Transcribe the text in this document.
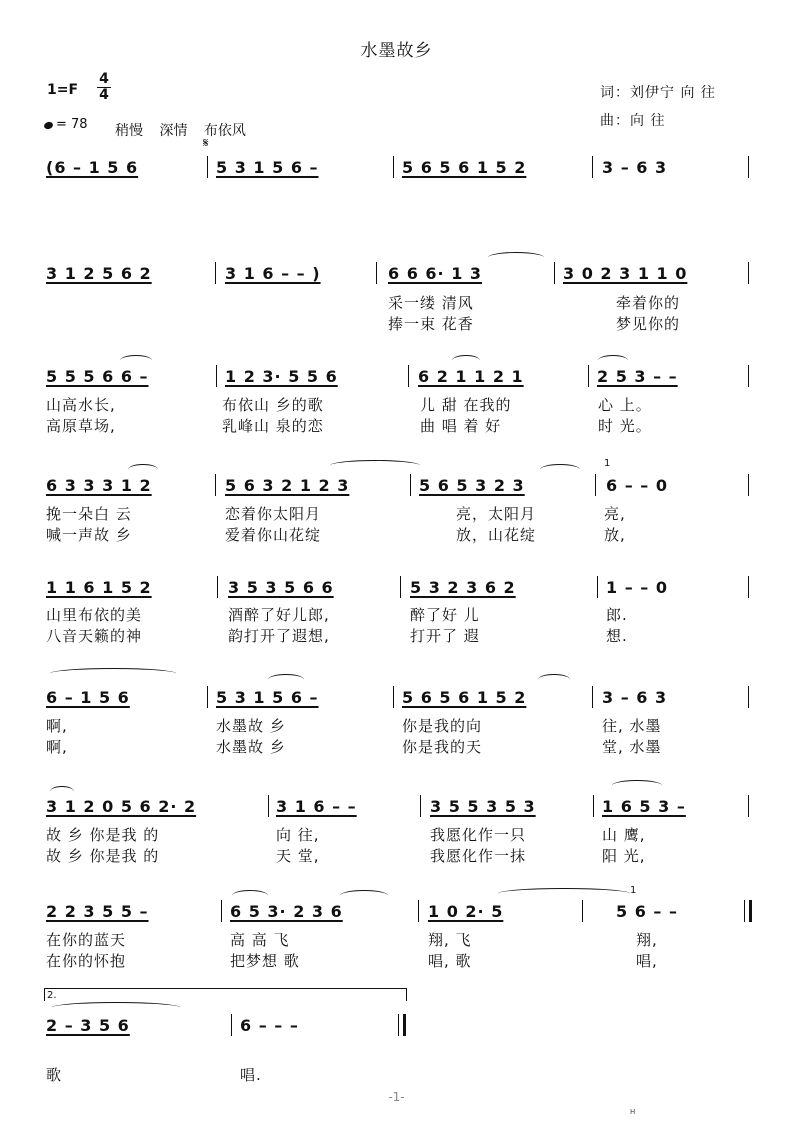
水墨故乡
1=F
4
4
= 78 稍慢 深情 布依风
𝄋
词：刘伊宁 向 往
曲：向 往
(6 – 1 5 6	5 3 1 5 6 –	5 6 5 6 1 5 2	3 – 6 3
3 1 2 5 6 2	3 1 6 – – )	6 6 6· 1 3	3 0 2 3 1 1 0
采一缕 清风	牵着你的
捧一束 花香	梦见你的
5 5 5 6 6 –	1 2 3· 5 5 6	6 2 1 1 2 1	2 5 3 – –
山高水长,	布依山 乡的歌	儿 甜 在我的	心 上。
高原草场,	乳峰山 泉的恋	曲 唱 着 好	时 光。
6 3 3 3 1 2	5 6 3 2 1 2 3	5 6 5 3 2 3
1
6 – – 0
挽一朵白 云	恋着你太阳月	亮，太阳月	亮,
喊一声故 乡	爱着你山花绽	放，山花绽	放,
1 1 6 1 5 2	3 5 3 5 6 6	5 3 2 3 6 2	1 – – 0
山里布依的美	酒醉了好儿郎,	醉了好 儿	郎.
八音天籁的神	韵打开了遐想,	打开了 遐	想.
6 – 1 5 6	5 3 1 5 6 –	5 6 5 6 1 5 2	3 – 6 3
啊,	水墨故 乡	你是我的向	往, 水墨
啊,	水墨故 乡	你是我的天	堂, 水墨
3 1 2 0 5 6 2· 2	3 1 6 – –	3 5 5 3 5 3	1 6 5 3 –
故 乡 你是我 的	向 往,	我愿化作一只	山 鹰,
故 乡 你是我 的	天 堂,	我愿化作一抹	阳 光,
2 2 3 5 5 –	6 5 3· 2 3 6	1 0 2· 5
1
5 6 – –
在你的蓝天	高 高 飞	翔, 飞	翔,
在你的怀抱	把梦想 歌	唱, 歌	唱,
2.
2 – 3 5 6	6 – – –
歌	唱.
-1-
H
